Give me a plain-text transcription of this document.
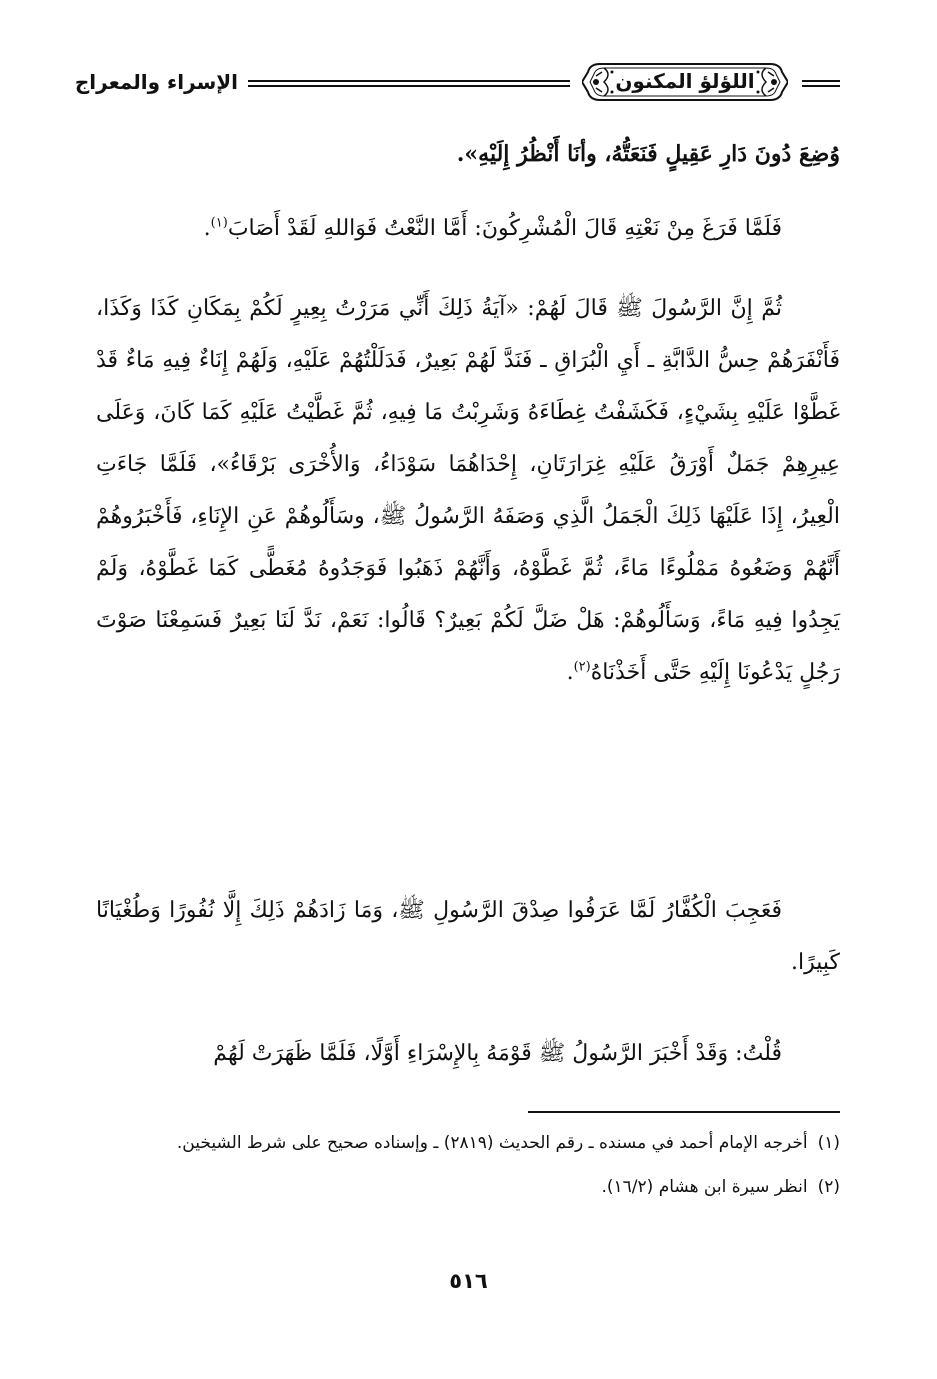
اللؤلؤ المكنون
الإسراء والمعراج

وُضِعَ دُونَ دَارِ عَقِيلٍ فَنَعَتُّهُ، وأنَا أَنْظُرُ إِلَيْهِ».

فَلَمَّا فَرَغَ مِنْ نَعْتِهِ قَالَ الْمُشْرِكُونَ: أَمَّا النَّعْتُ فَوَاللهِ لَقَدْ أَصَابَ$^{(١)}$.

ثُمَّ إِنَّ الرَّسُولَ ﷺ قَالَ لَهُمْ: «آيَةُ ذَلِكَ أَنِّي مَرَرْتُ بِعِيرٍ لَكُمْ بِمَكَانِ كَذَا وَكَذَا، فَأَنْفَرَهُمْ حِسُّ الدَّابَّةِ ـ أَيِ الْبُرَاقِ ـ فَنَدَّ لَهُمْ بَعِيرٌ، فَدَلَلْتُهُمْ عَلَيْهِ، وَلَهُمْ إِنَاءٌ فِيهِ مَاءٌ قَدْ غَطَّوْا عَلَيْهِ بِشَيْءٍ، فَكَشَفْتُ غِطَاءَهُ وَشَرِبْتُ مَا فِيهِ، ثُمَّ غَطَّيْتُ عَلَيْهِ كَمَا كَانَ، وَعَلَى عِيرِهِمْ جَمَلٌ أَوْرَقُ عَلَيْهِ غِرَارَتَانِ، إِحْدَاهُمَا سَوْدَاءُ، وَالأُخْرَى بَرْقَاءُ»، فَلَمَّا جَاءَتِ الْعِيرُ، إِذَا عَلَيْهَا ذَلِكَ الْجَمَلُ الَّذِي وَصَفَهُ الرَّسُولُ ﷺ، وسَأَلُوهُمْ عَنِ الإِنَاءِ، فَأَخْبَرُوهُمْ أَنَّهُمْ وَضَعُوهُ مَمْلُوءًا مَاءً، ثُمَّ غَطَّوْهُ، وَأَنَّهُمْ ذَهَبُوا فَوَجَدُوهُ مُغَطًّى كَمَا غَطَّوْهُ، وَلَمْ يَجِدُوا فِيهِ مَاءً، وَسَأَلُوهُمْ: هَلْ ضَلَّ لَكُمْ بَعِيرٌ؟ قَالُوا: نَعَمْ، نَدَّ لَنَا بَعِيرٌ فَسَمِعْنَا صَوْتَ رَجُلٍ يَدْعُونَا إِلَيْهِ حَتَّى أَخَذْنَاهُ$^{(٢)}$.

فَعَجِبَ الْكُفَّارُ لَمَّا عَرَفُوا صِدْقَ الرَّسُولِ ﷺ، وَمَا زَادَهُمْ ذَلِكَ إِلَّا نُفُورًا وَطُغْيَانًا كَبِيرًا.

قُلْتُ: وَقَدْ أَخْبَرَ الرَّسُولُ ﷺ قَوْمَهُ بِالإِسْرَاءِ أَوَّلًا، فَلَمَّا ظَهَرَتْ لَهُمْ

(١)أخرجه الإمام أحمد في مسنده ـ رقم الحديث (٢٨١٩) ـ وإسناده صحيح على شرط الشيخين.

(٢)انظر سيرة ابن هشام (١٦/٢).

٥١٦
